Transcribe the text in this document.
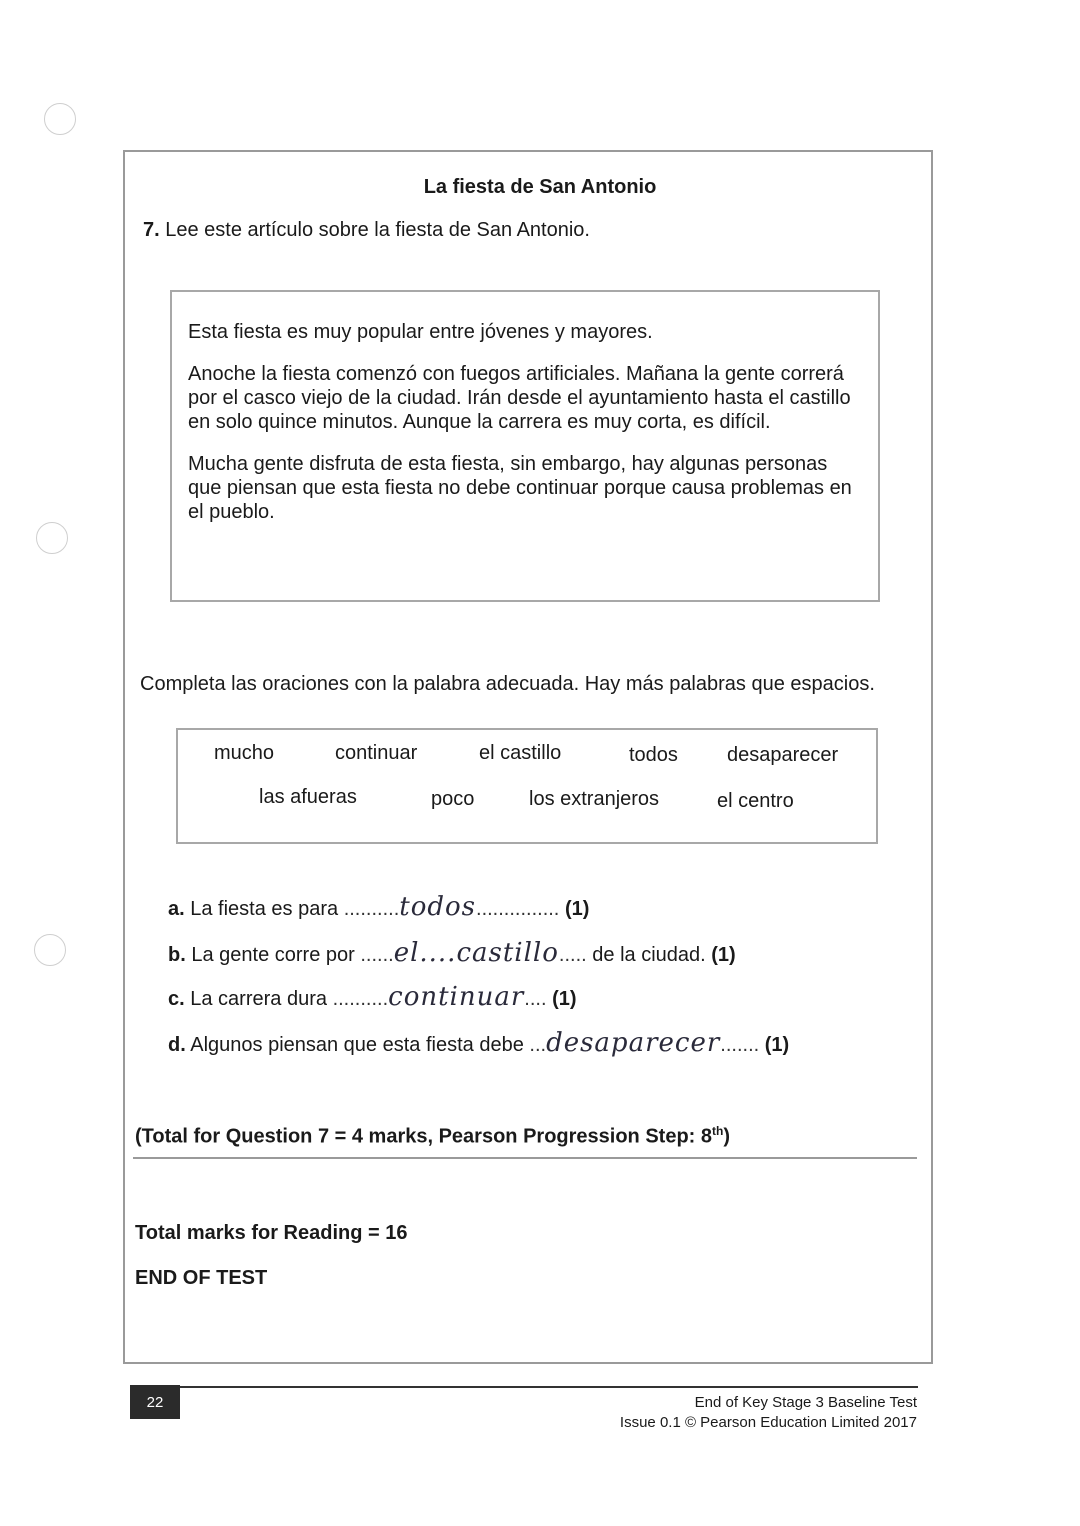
La fiesta de San Antonio
7. Lee este artículo sobre la fiesta de San Antonio.

Esta fiesta es muy popular entre jóvenes y mayores.

Anoche la fiesta comenzó con fuegos artificiales. Mañana la gente correrá por el casco viejo de la ciudad. Irán desde el ayuntamiento hasta el castillo en solo quince minutos. Aunque la carrera es muy corta, es difícil.

Mucha gente disfruta de esta fiesta, sin embargo, hay algunas personas que piensan que esta fiesta no debe continuar porque causa problemas en el pueblo.

Completa las oraciones con la palabra adecuada. Hay más palabras que espacios.
mucho	continuar	el castillo	todos desaparecer
las afueras	poco	los extranjeros	el centro
a. La fiesta es para ..........todos............... (1)
b. La gente corre por ......el....castillo..... de la ciudad. (1)
c. La carrera dura ..........continuar.... (1)
d. Algunos piensan que esta fiesta debe ...desaparecer....... (1)
(Total for Question 7 = 4 marks, Pearson Progression Step: 8th)
Total marks for Reading = 16
END OF TEST
22	End of Key Stage 3 Baseline Test
Issue 0.1 © Pearson Education Limited 2017
